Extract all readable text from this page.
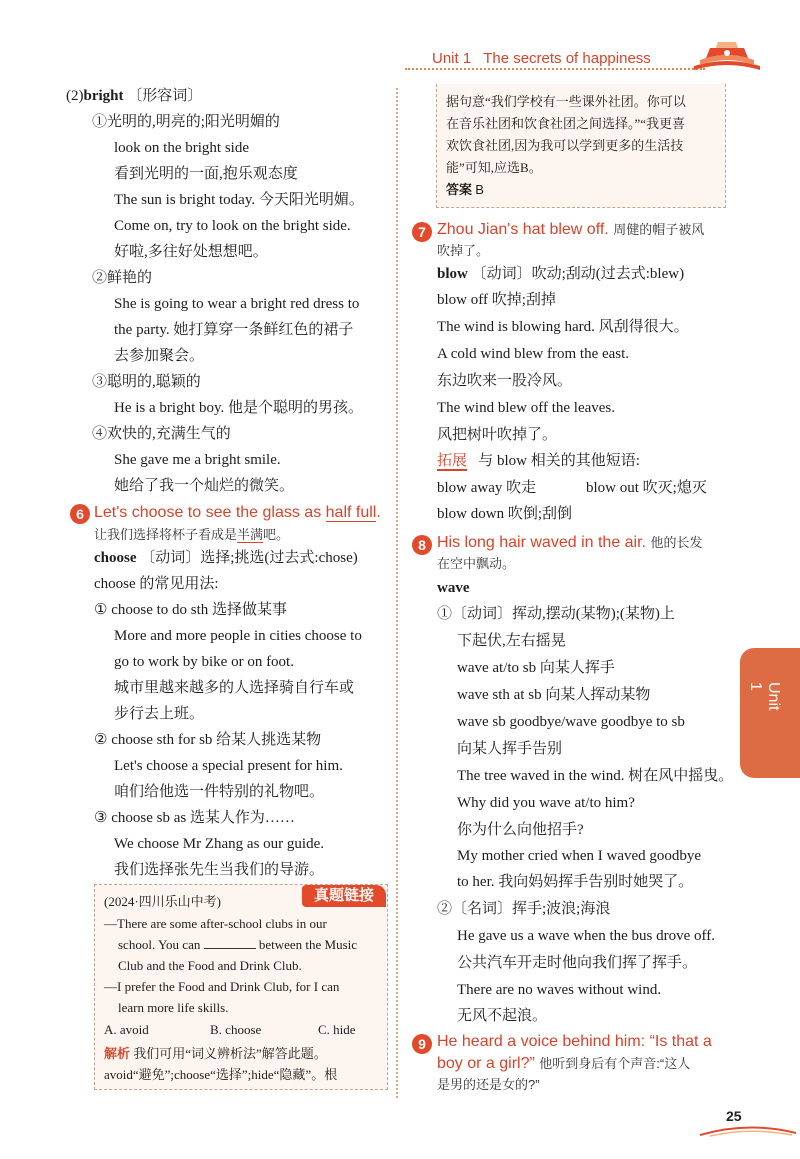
Unit 1 The secrets of happiness
Unit 1
(2)bright 〔形容词〕
①光明的,明亮的;阳光明媚的
look on the bright side
看到光明的一面,抱乐观态度
The sun is bright today. 今天阳光明媚。
Come on, try to look on the bright side.
好啦,多往好处想想吧。
②鲜艳的
She is going to wear a bright red dress to
the party. 她打算穿一条鲜红色的裙子
去参加聚会。
③聪明的,聪颖的
He is a bright boy. 他是个聪明的男孩。
④欢快的,充满生气的
She gave me a bright smile.
她给了我一个灿烂的微笑。
6 Let's choose to see the glass as half full.
让我们选择将杯子看成是半满吧。
choose 〔动词〕选择;挑选(过去式:chose)
choose 的常见用法:
① choose to do sth 选择做某事
More and more people in cities choose to
go to work by bike or on foot.
城市里越来越多的人选择骑自行车或
步行去上班。
② choose sth for sb 给某人挑选某物
Let's choose a special present for him.
咱们给他选一件特别的礼物吧。
③ choose sb as 选某人作为……
We choose Mr Zhang as our guide.
我们选择张先生当我们的导游。
真题链接
(2024·四川乐山中考)
—There are some after-school clubs in our
school. You can	between the Music
Club and the Food and Drink Club.
—I prefer the Food and Drink Club, for I can
learn more life skills.
A. avoid	B. choose	C. hide
解析 我们可用“词义辨析法”解答此题。
avoid“避免”;choose“选择”;hide“隐藏”。根
据句意“我们学校有一些课外社团。你可以
在音乐社团和饮食社团之间选择。”“我更喜
欢饮食社团,因为我可以学到更多的生活技
能”可知,应选B。
答案 B
7 Zhou Jian's hat blew off. 周健的帽子被风
吹掉了。
blow 〔动词〕吹动;刮动(过去式:blew)
blow off 吹掉;刮掉
The wind is blowing hard. 风刮得很大。
A cold wind blew from the east.
东边吹来一股冷风。
The wind blew off the leaves.
风把树叶吹掉了。
拓展 与 blow 相关的其他短语:
blow away 吹走	blow out 吹灭;熄灭
blow down 吹倒;刮倒
8 His long hair waved in the air. 他的长发
在空中飘动。
wave
①〔动词〕挥动,摆动(某物);(某物)上
下起伏,左右摇晃
wave at/to sb 向某人挥手
wave sth at sb 向某人挥动某物
wave sb goodbye/wave goodbye to sb
向某人挥手告别
The tree waved in the wind. 树在风中摇曳。
Why did you wave at/to him?
你为什么向他招手?
My mother cried when I waved goodbye
to her. 我向妈妈挥手告别时她哭了。
②〔名词〕挥手;波浪;海浪
He gave us a wave when the bus drove off.
公共汽车开走时他向我们挥了挥手。
There are no waves without wind.
无风不起浪。
9 He heard a voice behind him: “Is that a
boy or a girl?” 他听到身后有个声音:“这人
是男的还是女的?”
25
